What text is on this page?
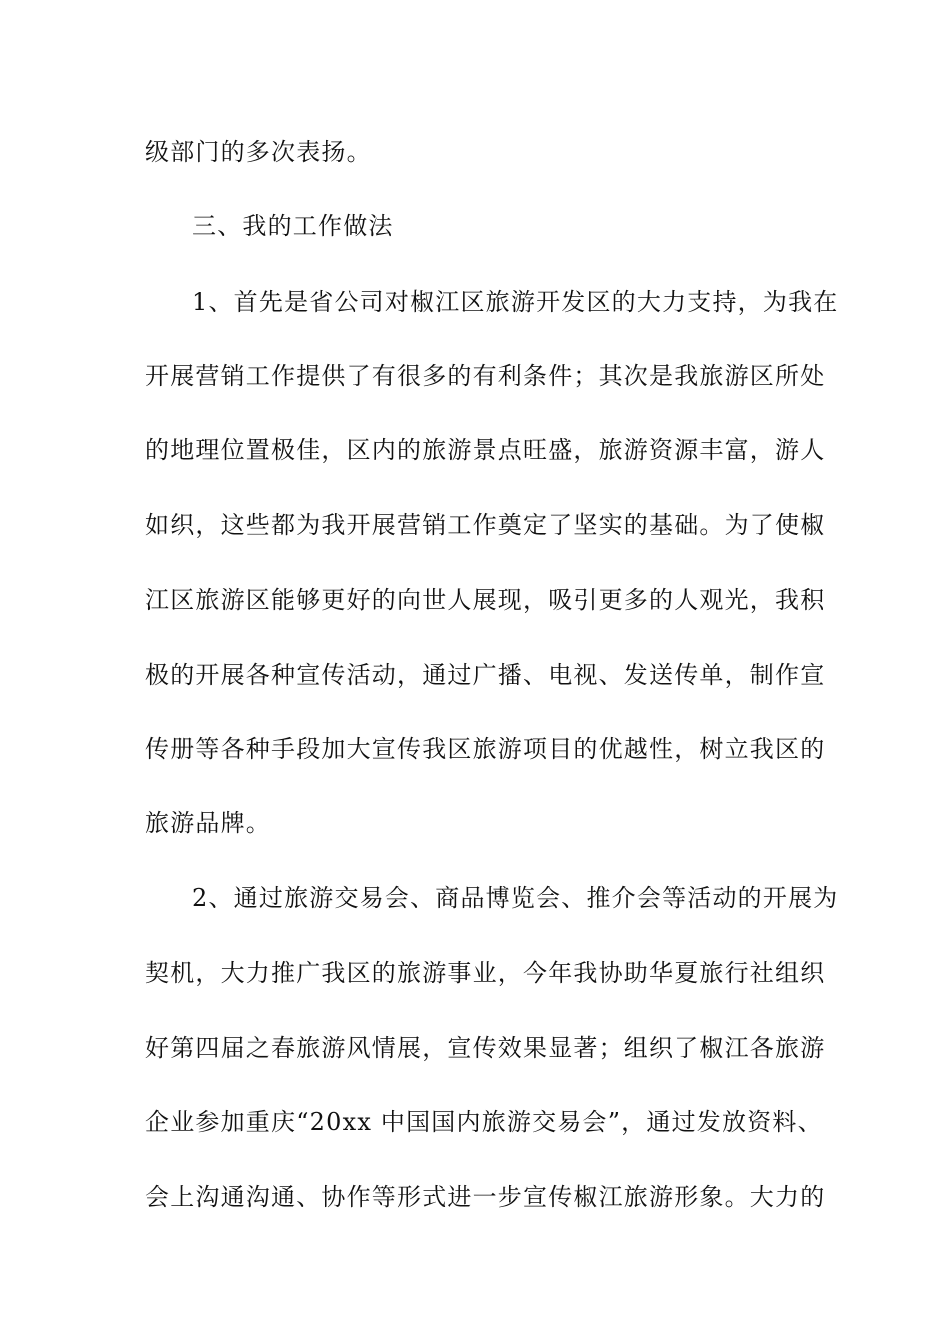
级部门的多次表扬。
三、我的工作做法
1、首先是省公司对椒江区旅游开发区的大力支持，为我在
开展营销工作提供了有很多的有利条件；其次是我旅游区所处
的地理位置极佳，区内的旅游景点旺盛，旅游资源丰富，游人
如织，这些都为我开展营销工作奠定了坚实的基础。为了使椒
江区旅游区能够更好的向世人展现，吸引更多的人观光，我积
极的开展各种宣传活动，通过广播、电视、发送传单，制作宣
传册等各种手段加大宣传我区旅游项目的优越性，树立我区的
旅游品牌。
2、通过旅游交易会、商品博览会、推介会等活动的开展为
契机，大力推广我区的旅游事业，今年我协助华夏旅行社组织
好第四届之春旅游风情展，宣传效果显著；组织了椒江各旅游
企业参加重庆“20xx 中国国内旅游交易会”，通过发放资料、
会上沟通沟通、协作等形式进一步宣传椒江旅游形象。大力的
